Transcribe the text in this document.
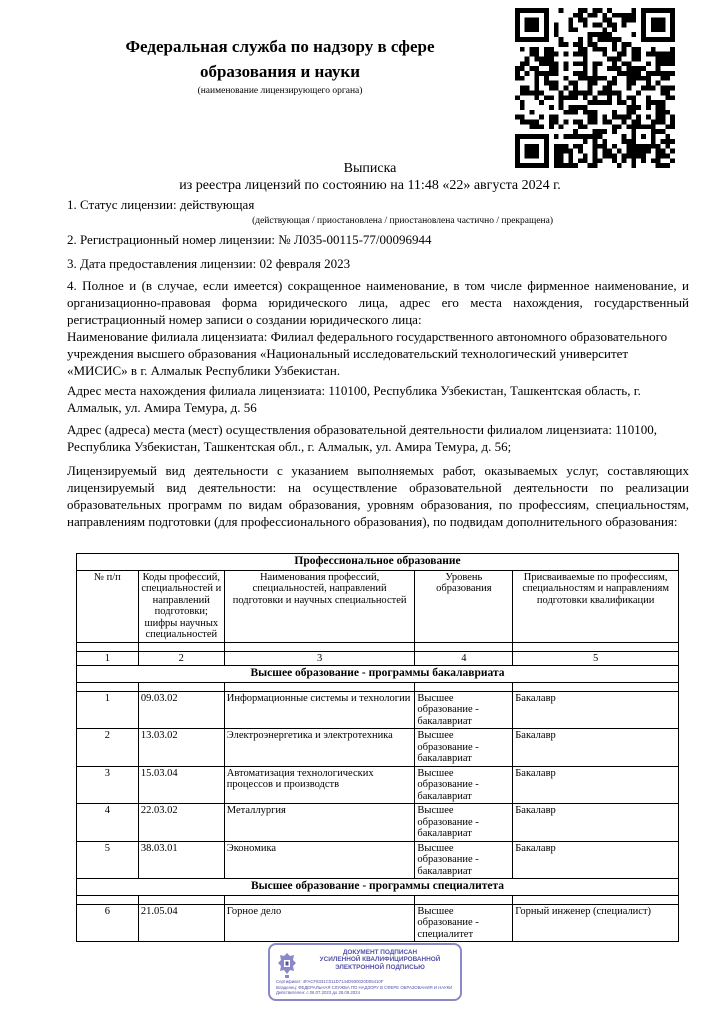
Федеральная служба по надзору в сфере
образования и науки
(наименование лицензирующего органа)
Выписка
из реестра лицензий по состоянию на 11:48 «22» августа 2024 г.
1. Статус лицензии: действующая
(действующая / приостановлена / приостановлена частично / прекращена)
2. Регистрационный номер лицензии: № Л035-00115-77/00096944
3. Дата предоставления лицензии: 02 февраля 2023
4. Полное и (в случае, если имеется) сокращенное наименование, в том числе фирменное наименование, и организационно-правовая форма юридического лица, адрес его места нахождения, государственный регистрационный номер записи о создании юридического лица:
Наименование филиала лицензиата: Филиал федерального государственного автономного образовательного учреждения высшего образования «Национальный исследовательский технологический университет «МИСИС» в г. Алмалык Республики Узбекистан.
Адрес места нахождения филиала лицензиата: 110100, Республика Узбекистан, Ташкентская область, г. Алмалык, ул. Амира Темура, д. 56
Адрес (адреса) места (мест) осуществления образовательной деятельности филиалом лицензиата: 110100, Республика Узбекистан, Ташкентская обл., г. Алмалык, ул. Амира Темура, д. 56;
Лицензируемый вид деятельности с указанием выполняемых работ, оказываемых услуг, составляющих лицензируемый вид деятельности: на осуществление образовательной деятельности по реализации образовательных программ по видам образования, уровням образования, по профессиям, специальностям, направлениям подготовки (для профессионального образования), по подвидам дополнительного образования:
Профессиональное образование				
№ п/п	Коды профессий, специальностей и направлений подготовки; шифры научных специальностей	Наименования профессий, специальностей, направлений подготовки и научных специальностей	Уровень образования	Присваиваемые по профессиям, специальностям и направлениям подготовки квалификации

1	2	3	4	5
Высшее образование - программы бакалавриата				

1	09.03.02	Информационные системы и технологии	Высшее образование - бакалавриат	Бакалавр
2	13.03.02	Электроэнергетика и электротехника	Высшее образование - бакалавриат	Бакалавр
3	15.03.04	Автоматизация технологических процессов и производств	Высшее образование - бакалавриат	Бакалавр
4	22.03.02	Металлургия	Высшее образование - бакалавриат	Бакалавр
5	38.03.01	Экономика	Высшее образование - бакалавриат	Бакалавр
Высшее образование - программы специалитета				

6	21.05.04	Горное дело	Высшее образование - специалитет	Горный инженер (специалист)
ДОКУМЕНТ ПОДПИСАН
УСИЛЕННОЙ КВАЛИФИЦИРОВАННОЙ
ЭЛЕКТРОННОЙ ПОДПИСЬЮ
Сертификат: 4FACF8331C011D7144D930020D05410F
Владелец: ФЕДЕРАЛЬНАЯ СЛУЖБА ПО НАДЗОРУ В СФЕРЕ ОБРАЗОВАНИЯ И НАУКИ
Действителен: с 06.07.2023 до 28.09.2024
